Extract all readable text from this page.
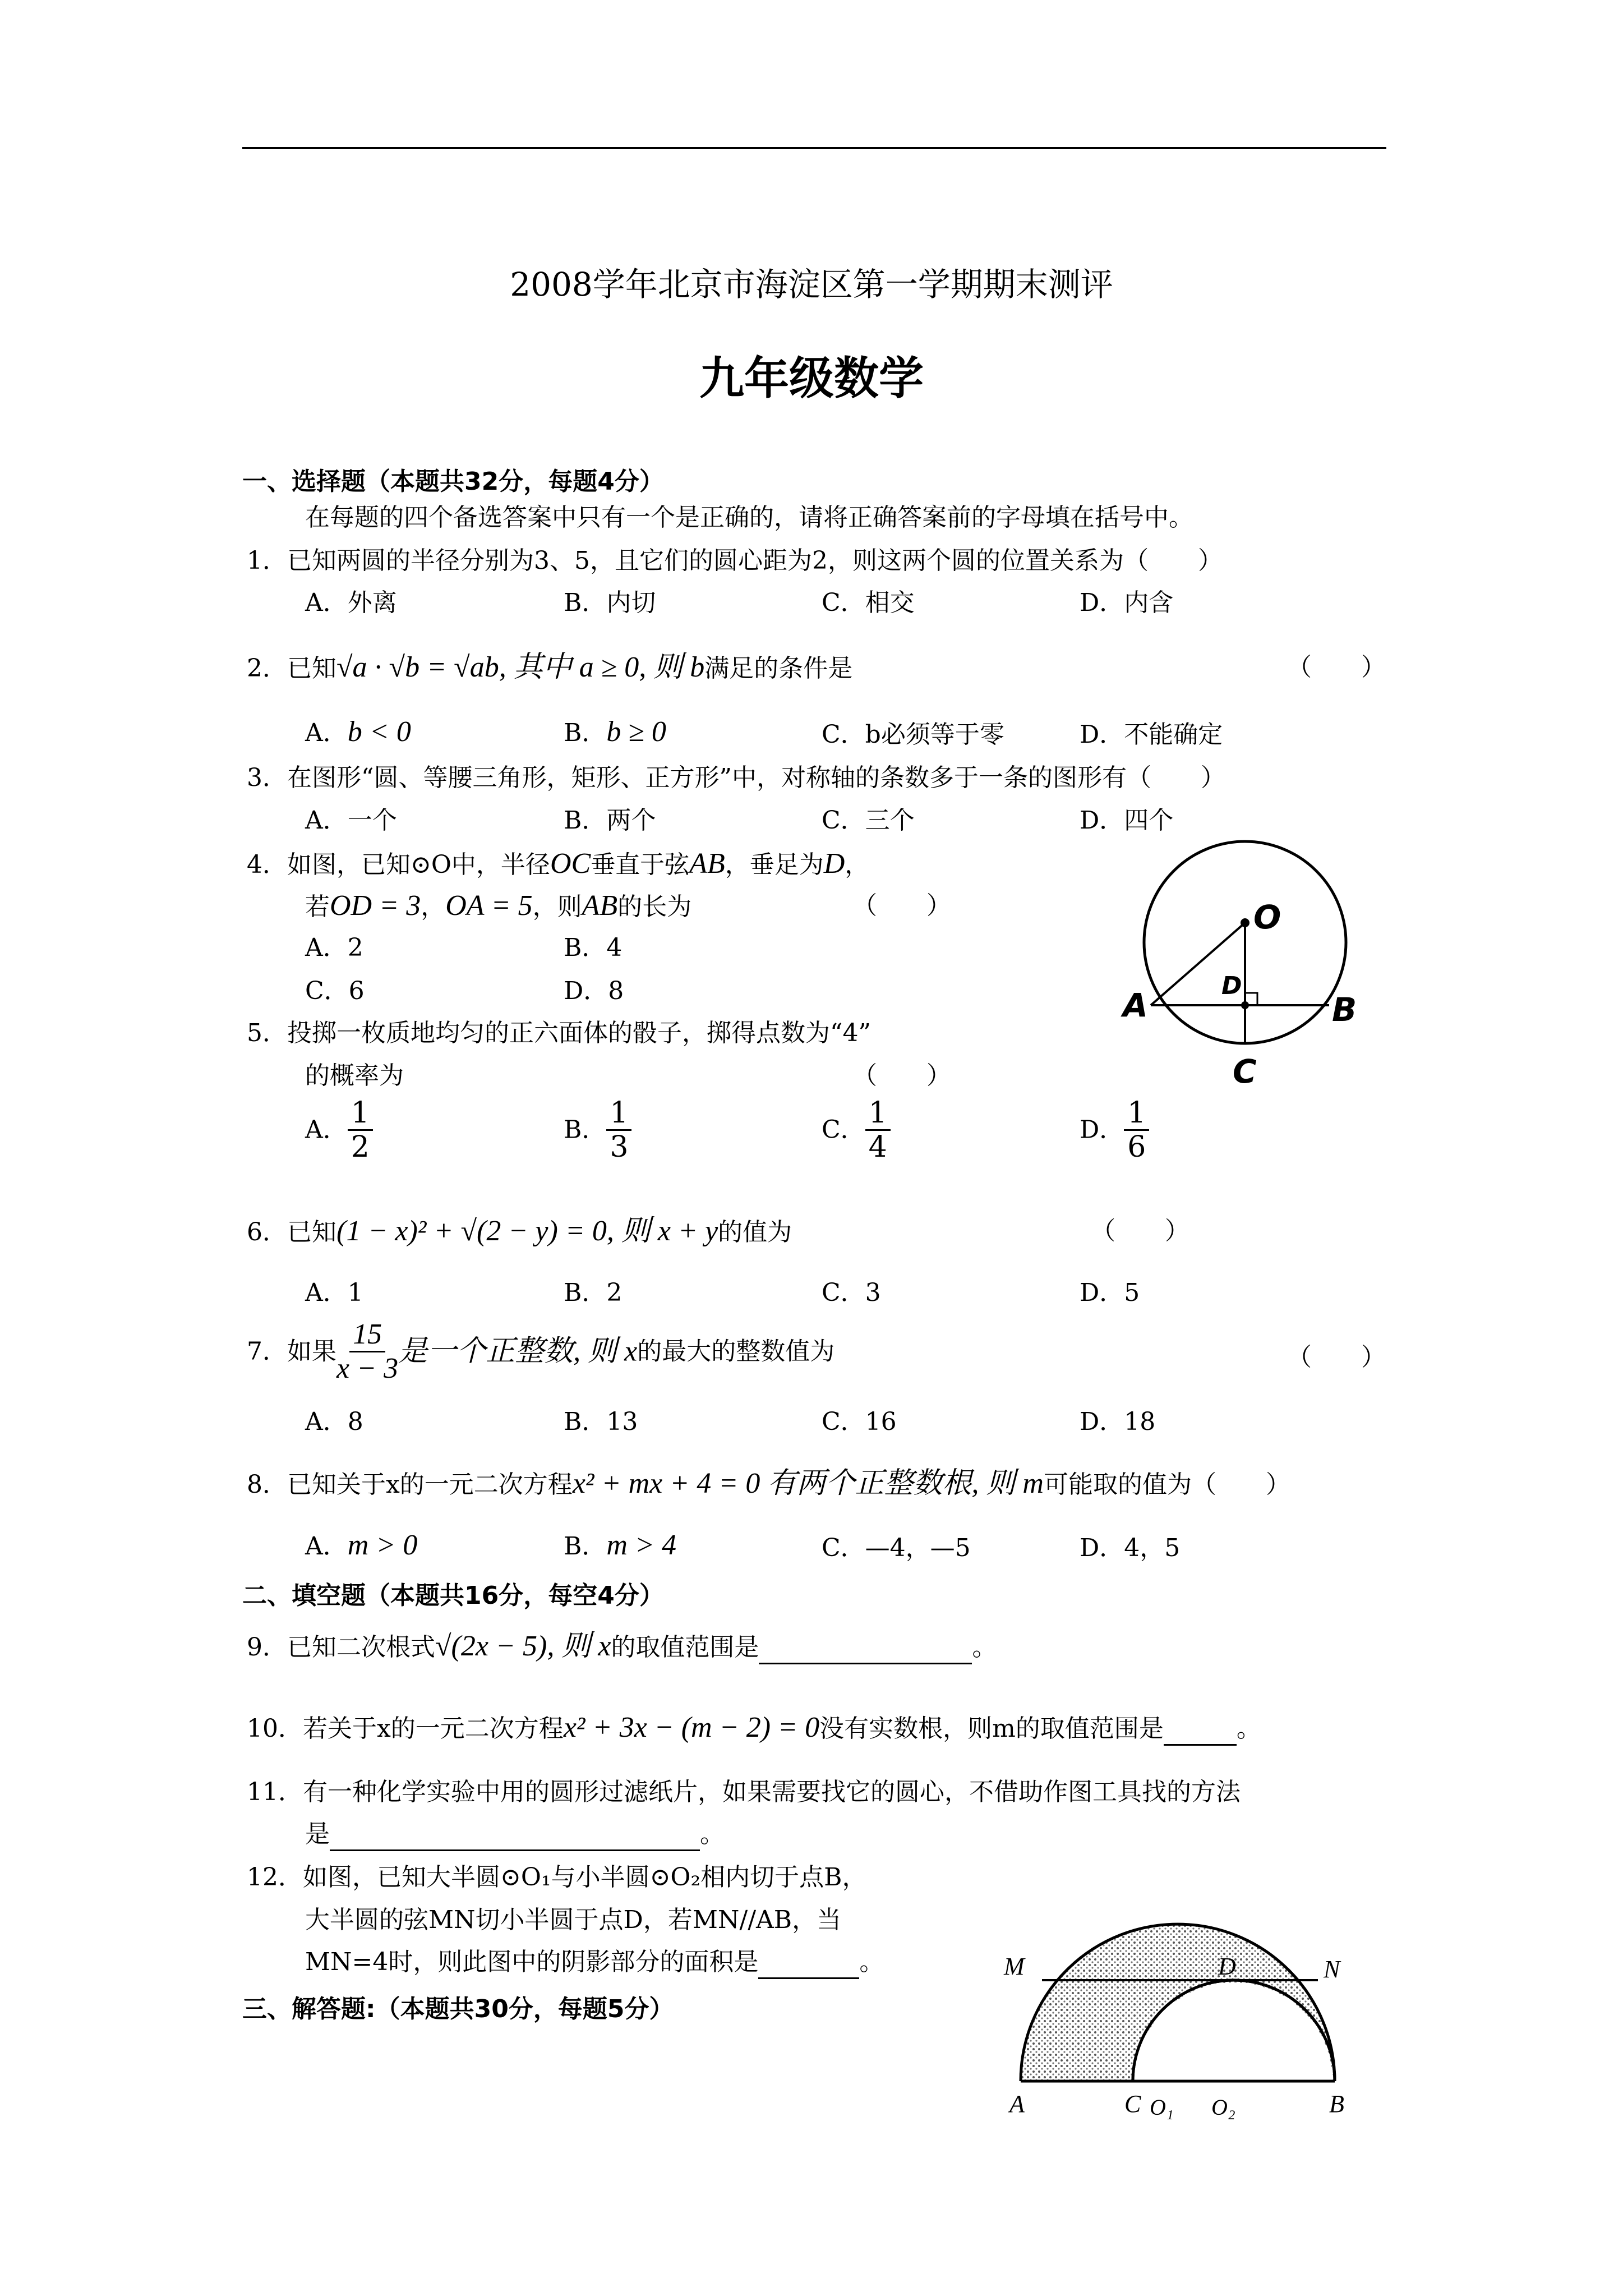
2008学年北京市海淀区第一学期期末测评
九年级数学
一、选择题（本题共32分，每题4分）
在每题的四个备选答案中只有一个是正确的，请将正确答案前的字母填在括号中。
1．已知两圆的半径分别为3、5，且它们的圆心距为2，则这两个圆的位置关系为（　　）
A．外离	B．内切	C．相交	D．内含
2．已知√a · √b = √ab, 其中 a ≥ 0, 则 b满足的条件是	（　　）
A．b < 0	B．b ≥ 0	C．b必须等于零	D．不能确定
3．在图形“圆、等腰三角形，矩形、正方形”中，对称轴的条数多于一条的图形有（　　）
A．一个	B．两个	C．三个	D．四个
4．如图，已知⊙O中，半径OC垂直于弦AB，垂足为D，
若OD = 3，OA = 5，则AB的长为	（　　）
A．2	B．4
C．6	D．8
O
D
A	B
C
5．投掷一枚质地均匀的正六面体的骰子，掷得点数为“4”
的概率为	（　　）
A． $\frac{1}{2}$	B． $\frac{1}{3}$	C． $\frac{1}{4}$	D． $\frac{1}{6}$
6．已知(1 − x)² + √(2 − y) = 0, 则 x + y的值为	（　　）
A．1	B．2	C．3	D．5
7．如果 $\frac{15}{x - 3}$ 是一个正整数, 则 x的最大的整数值为	（　　）
A．8	B．13	C．16	D．18
8．已知关于x的一元二次方程x² + mx + 4 = 0 有两个正整数根, 则 m可能取的值为（　　）
A．m > 0	B．m > 4	C．—4，—5	D．4，5
二、填空题（本题共16分，每空4分）
9．已知二次根式√(2x − 5), 则 x的取值范围是	。
10．若关于x的一元二次方程x² + 3x − (m − 2) = 0没有实数根，则m的取值范围是	。
11．有一种化学实验中用的圆形过滤纸片，如果需要找它的圆心，不借助作图工具找的方法
是	。
12．如图，已知大半圆⊙O₁与小半圆⊙O₂相内切于点B，
大半圆的弦MN切小半圆于点D，若MN//AB，当
MN=4时，则此图中的阴影部分的面积是	。
三、解答题:（本题共30分，每题5分）
M	D	N
A	C O₁ O₂	B
